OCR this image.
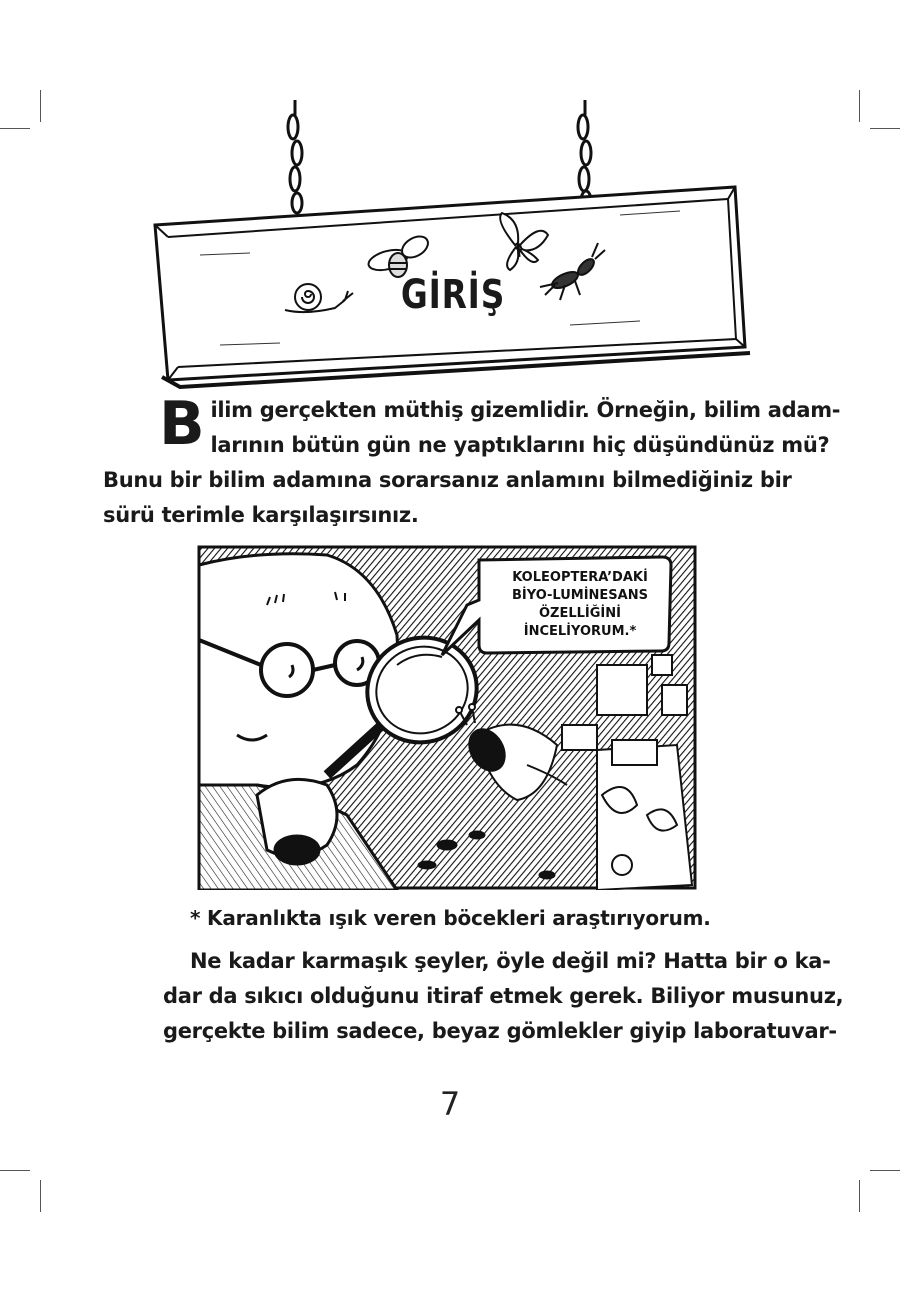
GİRİŞ
B ilim gerçekten müthiş gizemlidir. Örneğin, bilim adam-
larının bütün gün ne yaptıklarını hiç düşündünüz mü?
Bunu bir bilim adamına sorarsanız anlamını bilmediğiniz bir
sürü terimle karşılaşırsınız.
KOLEOPTERA’DAKİ
BİYO-LUMİNESANS
ÖZELLİĞİNİ
İNCELİYORUM.*
* Karanlıkta ışık veren böcekleri araştırıyorum.
Ne kadar karmaşık şeyler, öyle değil mi? Hatta bir o ka-
dar da sıkıcı olduğunu itiraf etmek gerek. Biliyor musunuz,
gerçekte bilim sadece, beyaz gömlekler giyip laboratuvar-
7
